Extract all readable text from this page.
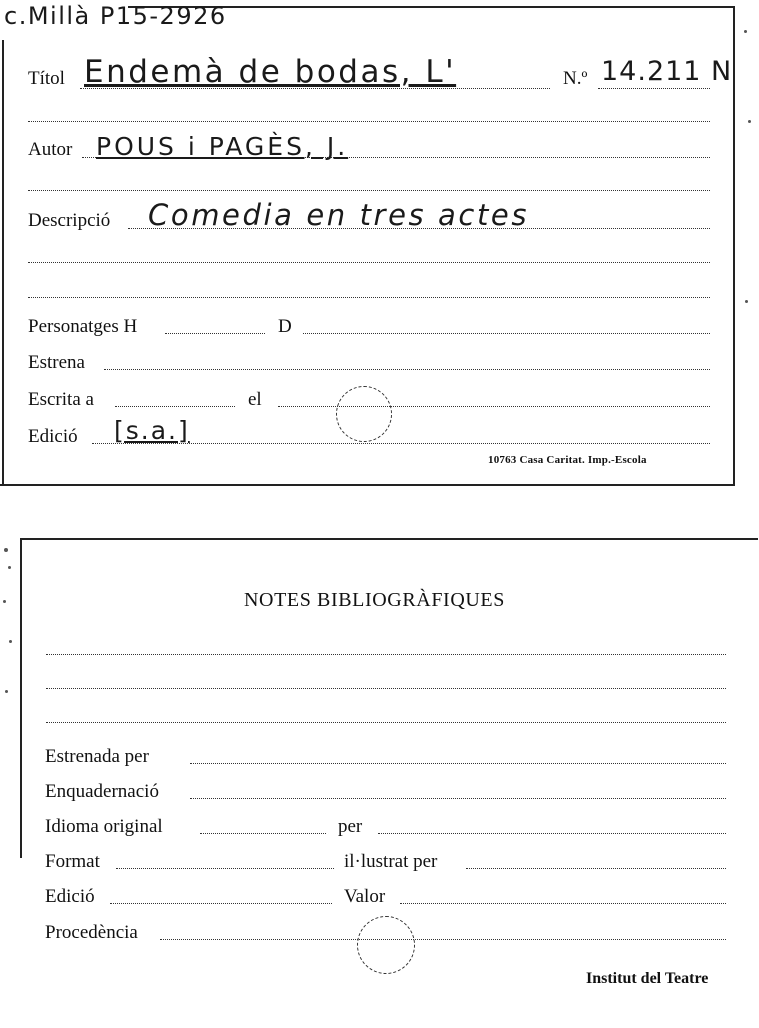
c.Millà P15-2926
Títol Endemà de bodas, L'	N.º 14.211 N
Autor POUS i PAGÈS, J.
Descripció Comedia en tres actes
Personatges H	D
Estrena
Escrita a	el
Edició [s.a.]
10763 Casa Caritat. Imp.-Escola
NOTES BIBLIOGRÀFIQUES
Estrenada per
Enquadernació
Idioma original	per
Format	il·lustrat per
Edició	Valor
Procedència
Institut del Teatre
